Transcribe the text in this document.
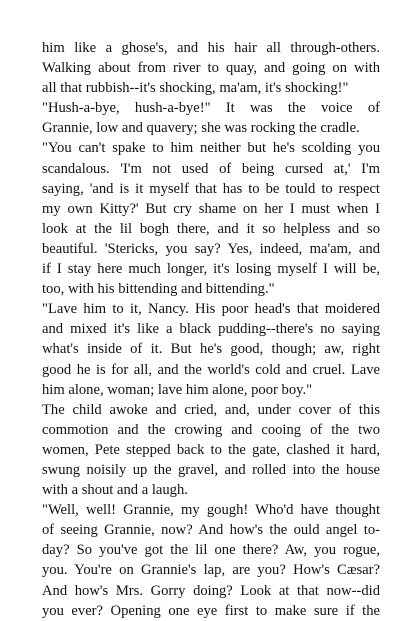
him like a ghose's, and his hair all through-others.
Walking about from river to quay, and going on with
all that rubbish--it's shocking, ma'am, it's shocking!"
"Hush-a-bye, hush-a-bye!" It was the voice of
Grannie, low and quavery; she was rocking the cradle.
"You can't spake to him neither but he's scolding you
scandalous. 'I'm not used of being cursed at,' I'm
saying, 'and is it myself that has to be tould to respect
my own Kitty?' But cry shame on her I must when I
look at the lil bogh there, and it so helpless and so
beautiful. 'Stericks, you say? Yes, indeed, ma'am, and
if I stay here much longer, it's losing myself I will be,
too, with his bittending and bittending."
"Lave him to it, Nancy. His poor head's that moidered
and mixed it's like a black pudding--there's no saying
what's inside of it. But he's good, though; aw, right
good he is for all, and the world's cold and cruel. Lave
him alone, woman; lave him alone, poor boy."
The child awoke and cried, and, under cover of this
commotion and the crowing and cooing of the two
women, Pete stepped back to the gate, clashed it hard,
swung noisily up the gravel, and rolled into the house
with a shout and a laugh.
"Well, well! Grannie, my gough! Who'd have thought
of seeing Grannie, now? And how's the ould angel to-
day? So you've got the lil one there? Aw, you rogue,
you. You're on Grannie's lap, are you? How's Cæsar?
And how's Mrs. Gorry doing? Look at that now--did
you ever? Opening one eye first to make sure if the
